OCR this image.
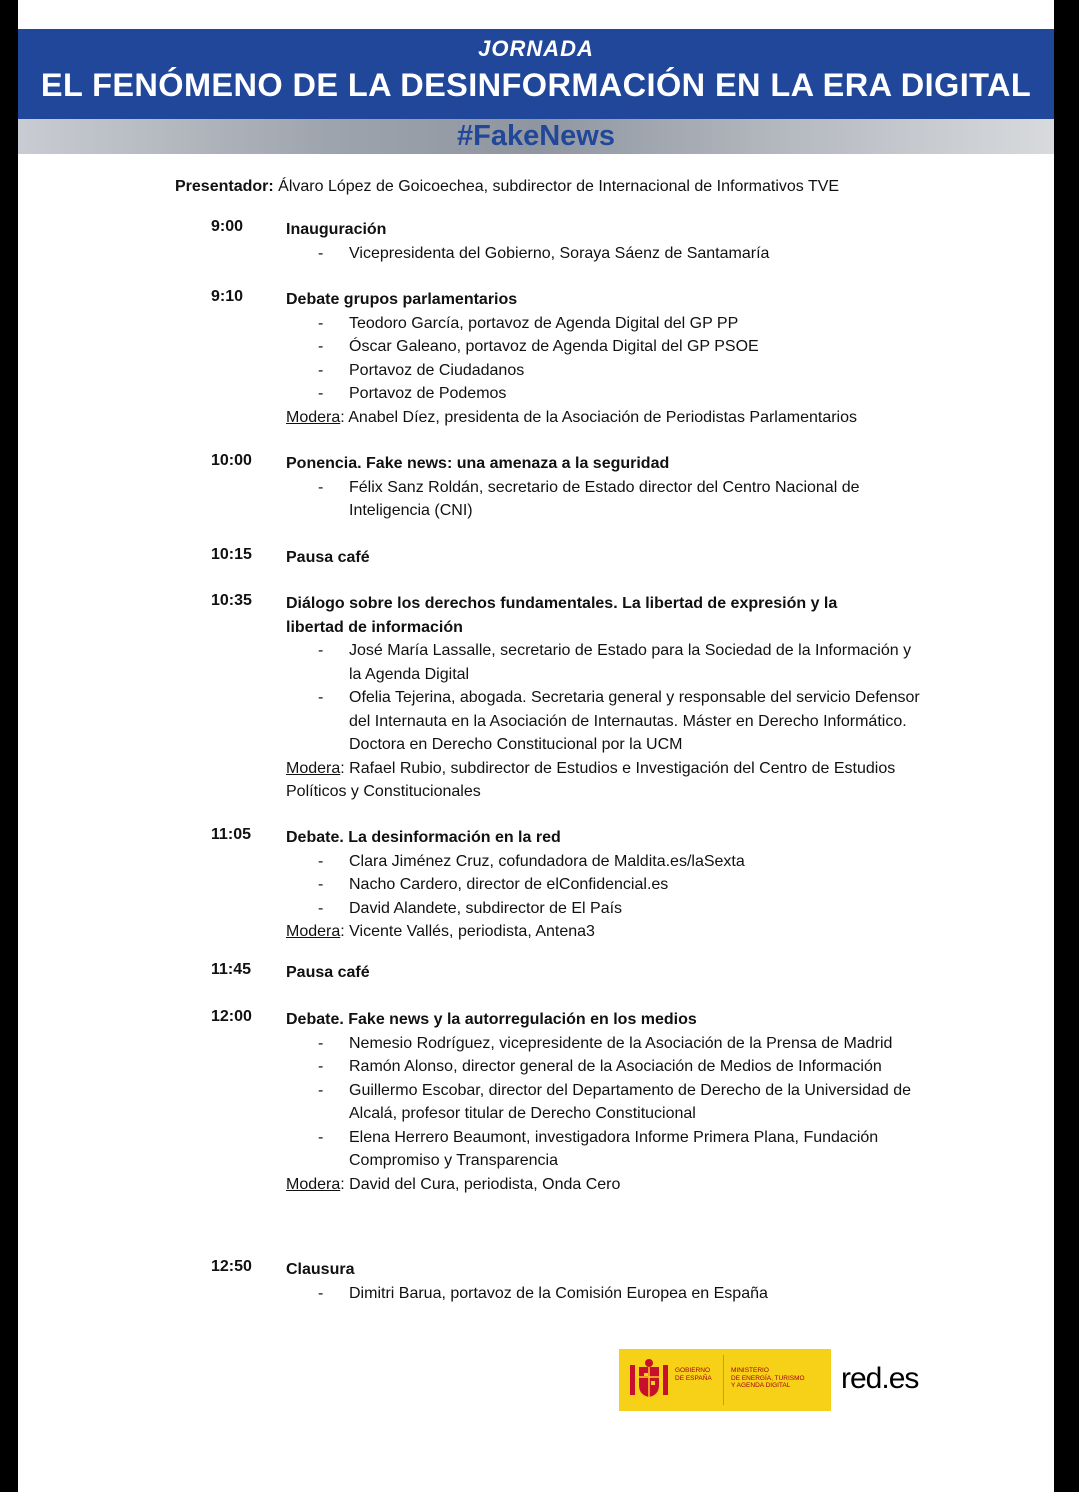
JORNADA
EL FENÓMENO DE LA DESINFORMACIÓN EN LA ERA DIGITAL
#FakeNews
Presentador: Álvaro López de Goicoechea, subdirector de Internacional de Informativos TVE
9:00	Inauguración
- Vicepresidenta del Gobierno, Soraya Sáenz de Santamaría
9:10	Debate grupos parlamentarios
- Teodoro García, portavoz de Agenda Digital del GP PP
- Óscar Galeano, portavoz de Agenda Digital del GP PSOE
- Portavoz de Ciudadanos
- Portavoz de Podemos
Modera: Anabel Díez, presidenta de la Asociación de Periodistas Parlamentarios
10:00 Ponencia. Fake news: una amenaza a la seguridad
- Félix Sanz Roldán, secretario de Estado director del Centro Nacional de Inteligencia (CNI)
10:15 Pausa café
10:35 Diálogo sobre los derechos fundamentales. La libertad de expresión y la libertad de información
- José María Lassalle, secretario de Estado para la Sociedad de la Información y la Agenda Digital
- Ofelia Tejerina, abogada. Secretaria general y responsable del servicio Defensor del Internauta en la Asociación de Internautas. Máster en Derecho Informático. Doctora en Derecho Constitucional por la UCM
Modera: Rafael Rubio, subdirector de Estudios e Investigación del Centro de Estudios Políticos y Constitucionales
11:05 Debate. La desinformación en la red
- Clara Jiménez Cruz, cofundadora de Maldita.es/laSexta
- Nacho Cardero, director de elConfidencial.es
- David Alandete, subdirector de El País
Modera: Vicente Vallés, periodista, Antena3
11:45 Pausa café
12:00 Debate. Fake news y la autorregulación en los medios
- Nemesio Rodríguez, vicepresidente de la Asociación de la Prensa de Madrid
- Ramón Alonso, director general de la Asociación de Medios de Información
- Guillermo Escobar, director del Departamento de Derecho de la Universidad de Alcalá, profesor titular de Derecho Constitucional
- Elena Herrero Beaumont, investigadora Informe Primera Plana, Fundación Compromiso y Transparencia
Modera: David del Cura, periodista, Onda Cero
12:50 Clausura
- Dimitri Barua, portavoz de la Comisión Europea en España
GOBIERNO
DE ESPAÑA
MINISTERIO
DE ENERGÍA, TURISMO
Y AGENDA DIGITAL	red.es
